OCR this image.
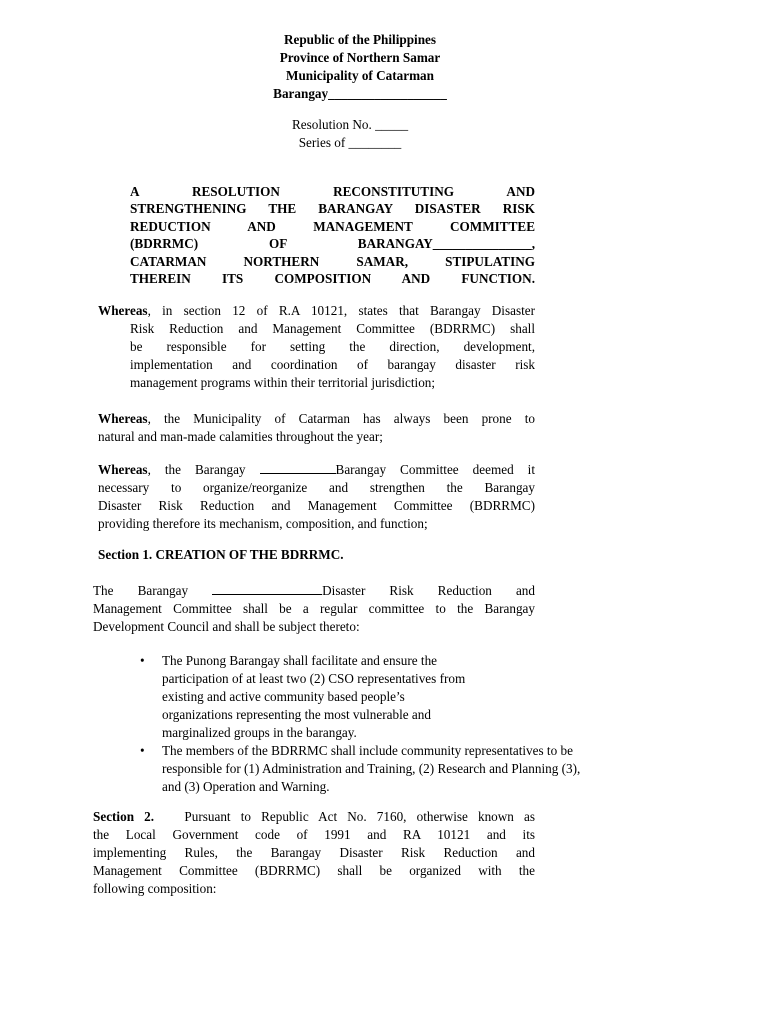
Republic of the Philippines
Province of Northern Samar
Municipality of Catarman
Barangay__________________
Resolution No. _____
Series of ________
A RESOLUTION RECONSTITUTING AND
STRENGTHENING THE BARANGAY DISASTER RISK
REDUCTION AND MANAGEMENT COMMITTEE
(BDRRMC) OF BARANGAY_______________,
CATARMAN NORTHERN SAMAR, STIPULATING
THEREIN ITS COMPOSITION AND FUNCTION.
Whereas, in section 12 of R.A 10121, states that Barangay Disaster
Risk Reduction and Management Committee (BDRRMC) shall
be responsible for setting the direction, development,
implementation and coordination of barangay disaster risk
management programs within their territorial jurisdiction;
Whereas, the Municipality of Catarman has always been prone to
natural and man-made calamities throughout the year;
Whereas, the Barangay	Barangay Committee deemed it
necessary to organize/reorganize and strengthen the Barangay
Disaster Risk Reduction and Management Committee (BDRRMC)
providing therefore its mechanism, composition, and function;
Section 1. CREATION OF THE BDRRMC.
The Barangay	Disaster Risk Reduction and
Management Committee shall be a regular committee to the Barangay
Development Council and shall be subject thereto:
• The Punong Barangay shall facilitate and ensure the
participation of at least two (2) CSO representatives from
existing and active community based people’s
organizations representing the most vulnerable and
marginalized groups in the barangay.
• The members of the BDRRMC shall include community representatives to be
responsible for (1) Administration and Training, (2) Research and Planning (3),
and (3) Operation and Warning.
Section 2. Pursuant to Republic Act No. 7160, otherwise known as
the Local Government code of 1991 and RA 10121 and its
implementing Rules, the Barangay Disaster Risk Reduction and
Management Committee (BDRRMC) shall be organized with the
following composition:
